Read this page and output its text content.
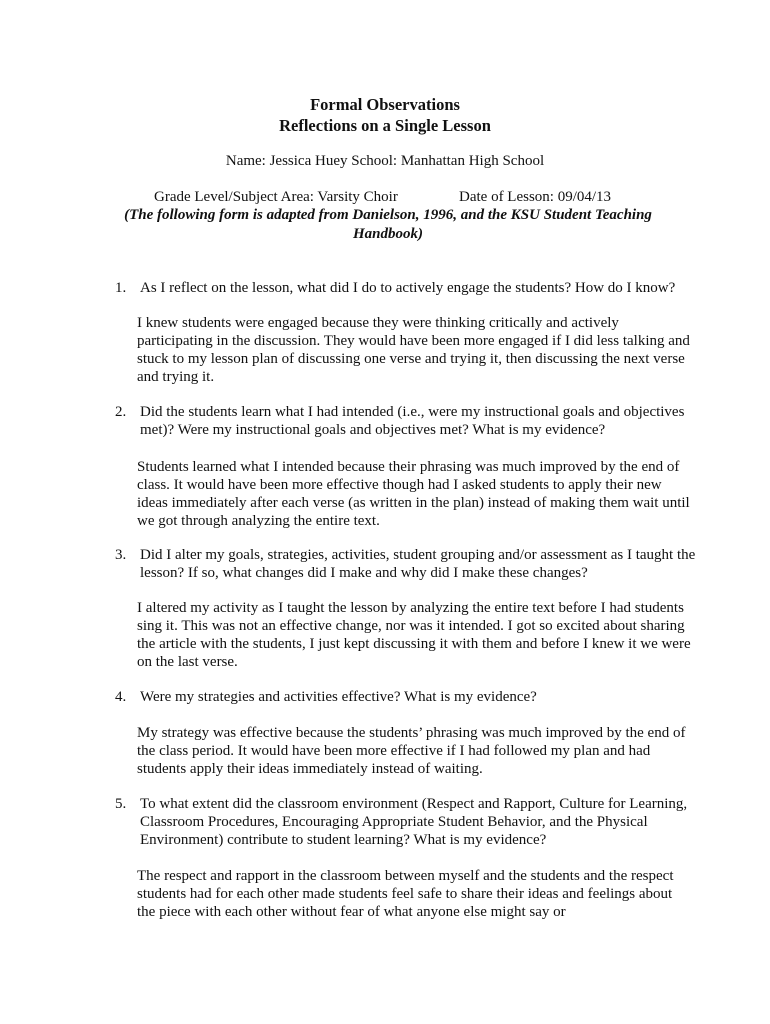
Formal Observations
Reflections on a Single Lesson
Name: Jessica Huey School: Manhattan High School
Grade Level/Subject Area: Varsity Choir	Date of Lesson: 09/04/13
(The following form is adapted from Danielson, 1996, and the KSU Student Teaching Handbook)
1. As I reflect on the lesson, what did I do to actively engage the students? How do I know?
I knew students were engaged because they were thinking critically and actively participating in the discussion. They would have been more engaged if I did less talking and stuck to my lesson plan of discussing one verse and trying it, then discussing the next verse and trying it.
2. Did the students learn what I had intended (i.e., were my instructional goals and objectives met)? Were my instructional goals and objectives met? What is my evidence?
Students learned what I intended because their phrasing was much improved by the end of class. It would have been more effective though had I asked students to apply their new ideas immediately after each verse (as written in the plan) instead of making them wait until we got through analyzing the entire text.
3. Did I alter my goals, strategies, activities, student grouping and/or assessment as I taught the lesson? If so, what changes did I make and why did I make these changes?
I altered my activity as I taught the lesson by analyzing the entire text before I had students sing it. This was not an effective change, nor was it intended. I got so excited about sharing the article with the students, I just kept discussing it with them and before I knew it we were on the last verse.
4. Were my strategies and activities effective? What is my evidence?
My strategy was effective because the students’ phrasing was much improved by the end of the class period. It would have been more effective if I had followed my plan and had students apply their ideas immediately instead of waiting.
5. To what extent did the classroom environment (Respect and Rapport, Culture for Learning, Classroom Procedures, Encouraging Appropriate Student Behavior, and the Physical Environment) contribute to student learning? What is my evidence?
The respect and rapport in the classroom between myself and the students and the respect students had for each other made students feel safe to share their ideas and feelings about the piece with each other without fear of what anyone else might say or
